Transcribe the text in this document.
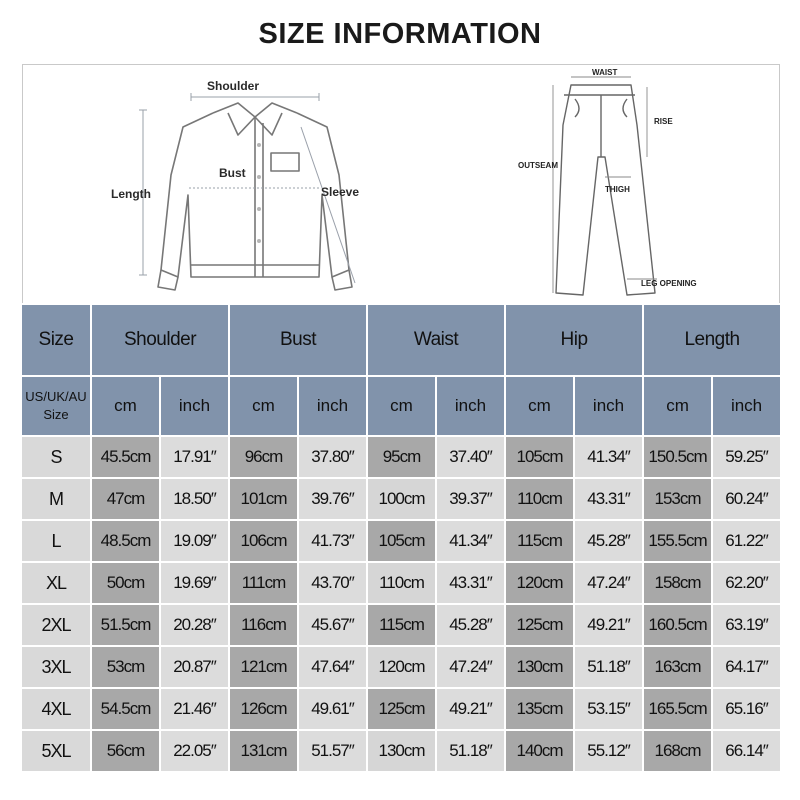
SIZE INFORMATION
Shoulder
Bust
Length	Sleeve
WAIST
RISE
OUTSEAM
THIGH
LEG OPENING
Size	Shoulder		Bust		Waist		Hip		Length	
US/UK/AU
Size	cm	inch	cm	inch	cm	inch	cm	inch	cm	inch
S	45.5cm	17.91″	96cm	37.80″	95cm	37.40″	105cm	41.34″	150.5cm	59.25″
M	47cm	18.50″	101cm	39.76″	100cm	39.37″	110cm	43.31″	153cm	60.24″
L	48.5cm	19.09″	106cm	41.73″	105cm	41.34″	115cm	45.28″	155.5cm	61.22″
XL	50cm	19.69″	111cm	43.70″	110cm	43.31″	120cm	47.24″	158cm	62.20″
2XL	51.5cm	20.28″	116cm	45.67″	115cm	45.28″	125cm	49.21″	160.5cm	63.19″
3XL	53cm	20.87″	121cm	47.64″	120cm	47.24″	130cm	51.18″	163cm	64.17″
4XL	54.5cm	21.46″	126cm	49.61″	125cm	49.21″	135cm	53.15″	165.5cm	65.16″
5XL	56cm	22.05″	131cm	51.57″	130cm	51.18″	140cm	55.12″	168cm	66.14″
